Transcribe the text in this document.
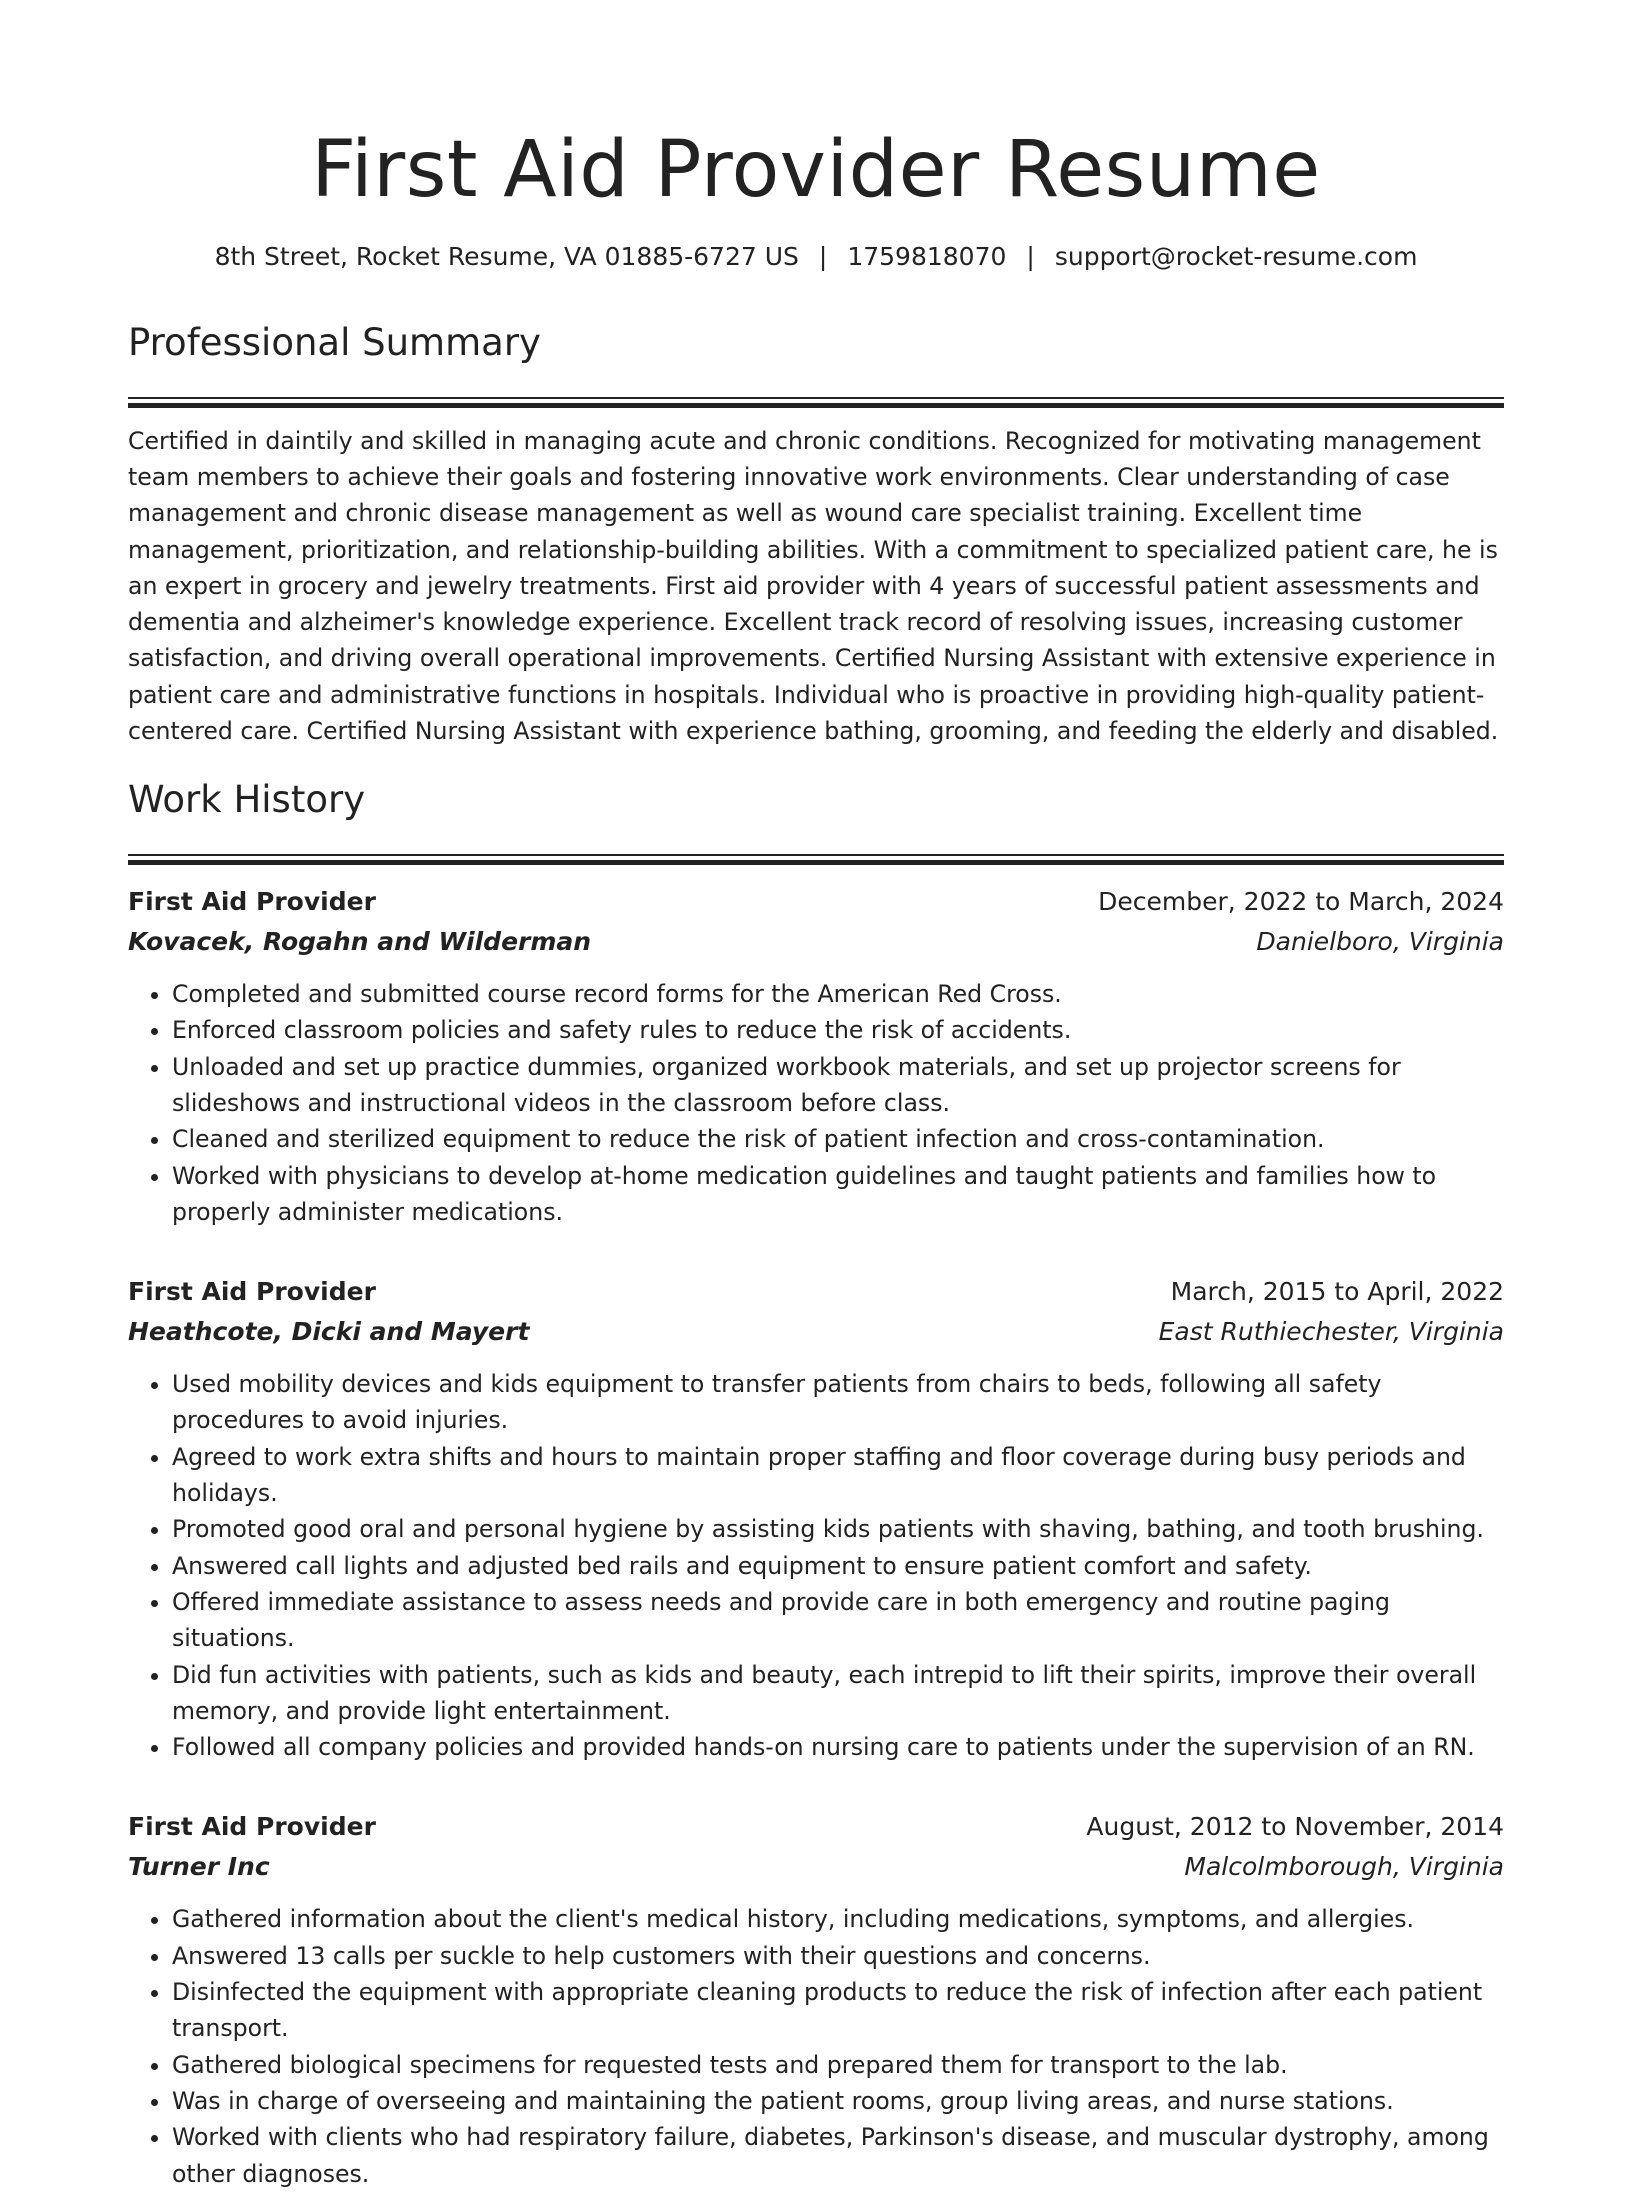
First Aid Provider Resume
8th Street, Rocket Resume, VA 01885-6727 US | 1759818070 | support@rocket-resume.com
Professional Summary

Certified in daintily and skilled in managing acute and chronic conditions. Recognized for motivating management team members to achieve their goals and fostering innovative work environments. Clear understanding of case management and chronic disease management as well as wound care specialist training. Excellent time management, prioritization, and relationship-building abilities. With a commitment to specialized patient care, he is an expert in grocery and jewelry treatments. First aid provider with 4 years of successful patient assessments and dementia and alzheimer's knowledge experience. Excellent track record of resolving issues, increasing customer satisfaction, and driving overall operational improvements. Certified Nursing Assistant with extensive experience in patient care and administrative functions in hospitals. Individual who is proactive in providing high-quality patient-centered care. Certified Nursing Assistant with experience bathing, grooming, and feeding the elderly and disabled.

Work History
First Aid Provider	December, 2022 to March, 2024
Kovacek, Rogahn and Wilderman	Danielboro, Virginia
• Completed and submitted course record forms for the American Red Cross.
• Enforced classroom policies and safety rules to reduce the risk of accidents.
• Unloaded and set up practice dummies, organized workbook materials, and set up projector screens for slideshows and instructional videos in the classroom before class.
• Cleaned and sterilized equipment to reduce the risk of patient infection and cross-contamination.
• Worked with physicians to develop at-home medication guidelines and taught patients and families how to properly administer medications.
First Aid Provider	March, 2015 to April, 2022
Heathcote, Dicki and Mayert	East Ruthiechester, Virginia
• Used mobility devices and kids equipment to transfer patients from chairs to beds, following all safety procedures to avoid injuries.
• Agreed to work extra shifts and hours to maintain proper staffing and floor coverage during busy periods and holidays.
• Promoted good oral and personal hygiene by assisting kids patients with shaving, bathing, and tooth brushing.
• Answered call lights and adjusted bed rails and equipment to ensure patient comfort and safety.
• Offered immediate assistance to assess needs and provide care in both emergency and routine paging situations.
• Did fun activities with patients, such as kids and beauty, each intrepid to lift their spirits, improve their overall memory, and provide light entertainment.
• Followed all company policies and provided hands-on nursing care to patients under the supervision of an RN.
First Aid Provider	August, 2012 to November, 2014
Turner Inc	Malcolmborough, Virginia
• Gathered information about the client's medical history, including medications, symptoms, and allergies.
• Answered 13 calls per suckle to help customers with their questions and concerns.
• Disinfected the equipment with appropriate cleaning products to reduce the risk of infection after each patient transport.
• Gathered biological specimens for requested tests and prepared them for transport to the lab.
• Was in charge of overseeing and maintaining the patient rooms, group living areas, and nurse stations.
• Worked with clients who had respiratory failure, diabetes, Parkinson's disease, and muscular dystrophy, among other diagnoses.
